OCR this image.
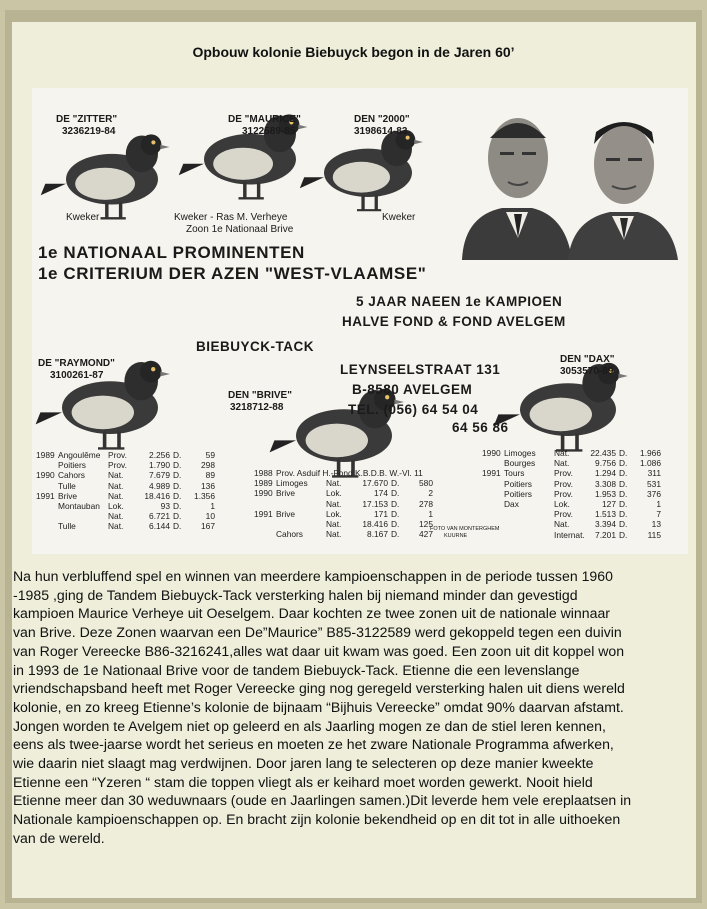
Opbouw kolonie Biebuyck begon in de Jaren 60’
DE "ZITTER"
3236219-84
Kweker
DE "MAURICE"
3122589-85
Kweker - Ras M. Verheye
Zoon 1e Nationaal Brive
DEN "2000"
3198614-83
Kweker
1e NATIONAAL PROMINENTEN
1e CRITERIUM DER AZEN "WEST-VLAAMSE"
5 JAAR NAEEN 1e KAMPIOEN
HALVE FOND & FOND AVELGEM
BIEBUYCK-TACK
LEYNSEELSTRAAT 131
B-8580 AVELGEM
TEL. (056) 64 54 04
64 56 86
DE "RAYMOND"
3100261-87
DEN "BRIVE"
3218712-88
DEN "DAX"
3053570-89
FOTO VAN MONTERGHEM
KUURNE
1989 Angoulême Prov.	2.256 D.	59
Poitiers	Prov.	1.790 D.	298
1990 Cahors	Nat.	7.679 D.	89
Tulle	Nat.	4.989 D.	136
1991 Brive	Nat.	18.416 D.	1.356
Montauban Lok.	93 D.	1
Nat.	6.721 D.	10
Tulle	Nat.	6.144 D.	167
1988 Prov. Asduif H.-Fond K.B.D.B. W.-Vl. 11
1989 Limoges	Nat.	17.670 D.	580
1990 Brive	Lok.	174 D.	2
Nat.	17.153 D.	278
1991 Brive	Lok.	171 D.	1
Nat.	18.416 D.	125
Cahors	Nat.	8.167 D.	427
1990 Limoges	Nat.	22.435 D.	1.966
Bourges	Nat.	9.756 D.	1.086
1991 Tours	Prov.	1.294 D.	311
Poitiers	Prov.	3.308 D.	531
Poitiers	Prov.	1.953 D.	376
Dax	Lok.	127 D.	1
Prov.	1.513 D.	7
Nat.	3.394 D.	13
Internat.	7.201 D.	115

Na hun verbluffend spel en winnen van meerdere kampioenschappen in de periode tussen 1960

-1985 ,ging de Tandem Biebuyck-Tack versterking halen bij niemand minder dan gevestigd

kampioen Maurice Verheye uit Oeselgem. Daar kochten ze twee zonen uit de nationale winnaar

van Brive. Deze Zonen waarvan een De”Maurice” B85-3122589 werd gekoppeld tegen een duivin

van Roger Vereecke B86-3216241,alles wat daar uit kwam was goed. Een zoon uit dit koppel won

in 1993 de 1e Nationaal Brive voor de tandem Biebuyck-Tack. Etienne die een levenslange

vriendschapsband heeft met Roger Vereecke ging nog geregeld versterking halen uit diens wereld

kolonie, en zo kreeg Etienne’s kolonie de bijnaam “Bijhuis Vereecke” omdat 90% daarvan afstamt.

Jongen worden te Avelgem niet op geleerd en als Jaarling mogen ze dan de stiel leren kennen,

eens als twee-jaarse wordt het serieus en moeten ze het zware Nationale Programma afwerken,

wie daarin niet slaagt mag verdwijnen. Door jaren lang te selecteren op deze manier kweekte

Etienne een “Yzeren “ stam die toppen vliegt als er keihard moet worden gewerkt. Nooit hield

Etienne meer dan 30 weduwnaars (oude en Jaarlingen samen.)Dit leverde hem vele ereplaatsen in

Nationale kampioenschappen op. En bracht zijn kolonie bekendheid op en dit tot in alle uithoeken

van de wereld.
